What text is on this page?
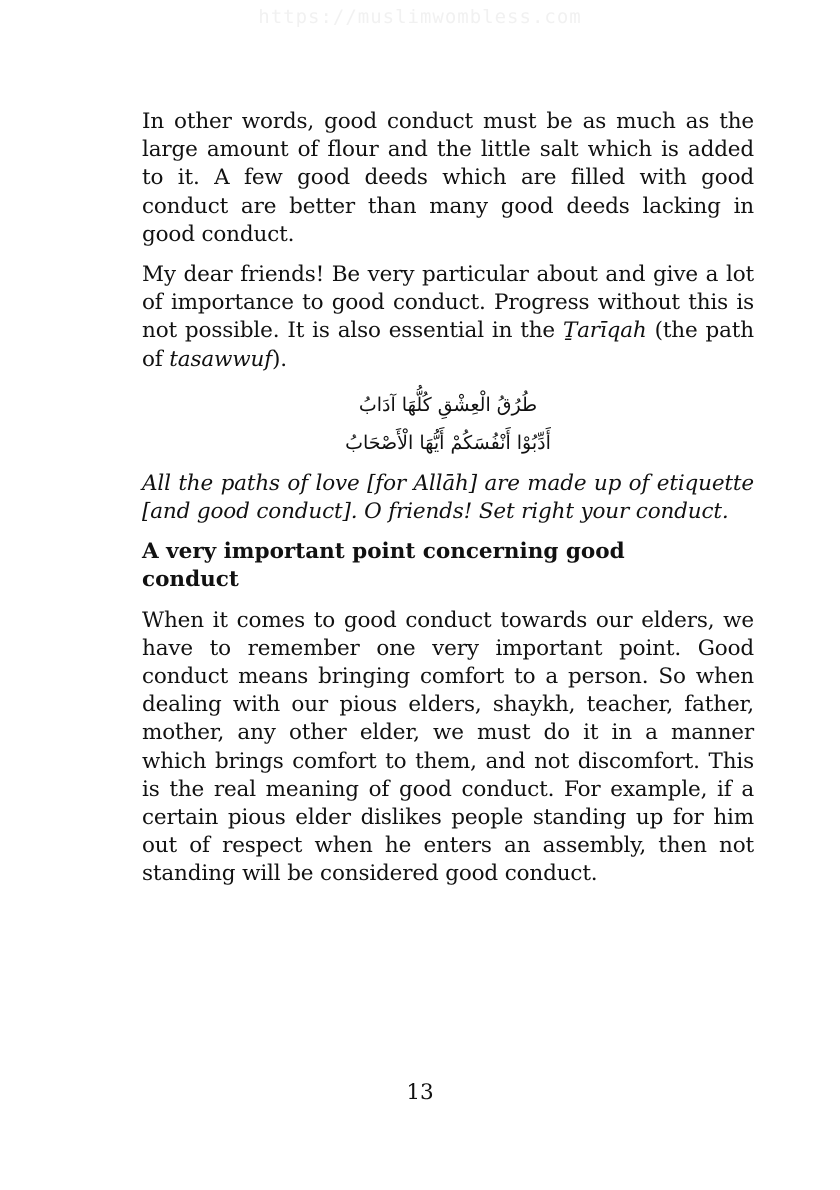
https://muslimwombless.com

In other words, good conduct must be as much as the large amount of flour and the little salt which is added to it. A few good deeds which are filled with good conduct are better than many good deeds lacking in good conduct.

My dear friends! Be very particular about and give a lot of importance to good conduct. Progress without this is not possible. It is also essential in the Ṯarīqah (the path of tasawwuf).

طُرُقُ الْعِشْقِ كُلُّهَا آدَابُ
أَدِّبُوْا أَنْفُسَكُمْ أَيُّهَا الْأَصْحَابُ

All the paths of love [for Allāh] are made up of etiquette [and good conduct]. O friends! Set right your conduct.

A very important point concerning good conduct

When it comes to good conduct towards our elders, we have to remember one very important point. Good conduct means bringing comfort to a person. So when dealing with our pious elders, shaykh, teacher, father, mother, any other elder, we must do it in a manner which brings comfort to them, and not discomfort. This is the real meaning of good conduct. For example, if a certain pious elder dislikes people standing up for him out of respect when he enters an assembly, then not standing will be considered good conduct.

13
